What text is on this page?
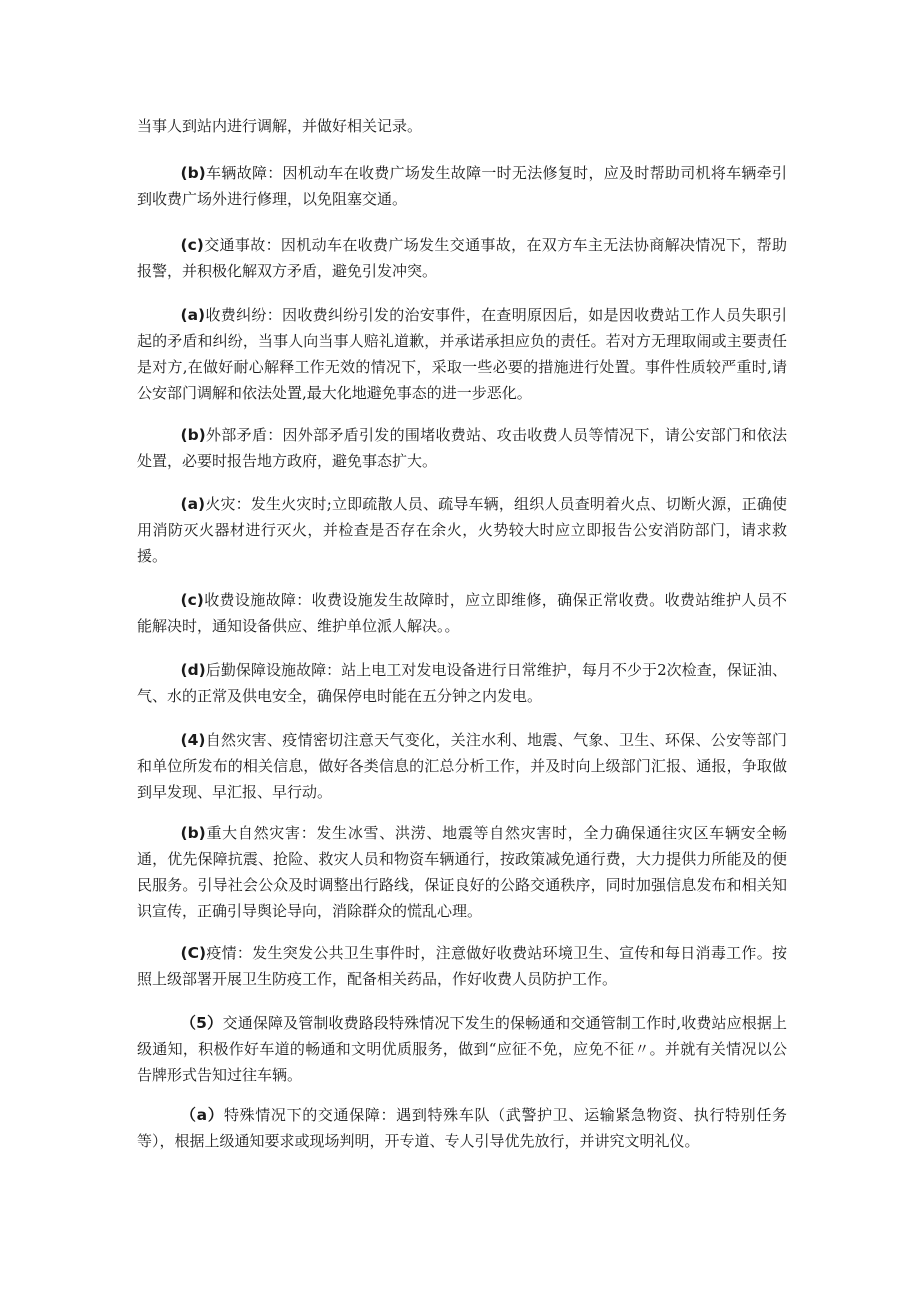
当事人到站内进行调解，并做好相关记录。

(b)车辆故障：因机动车在收费广场发生故障一时无法修复时，应及时帮助司机将车辆牵引到收费广场外进行修理，以免阻塞交通。

(c)交通事故：因机动车在收费广场发生交通事故，在双方车主无法协商解决情况下，帮助报警，并积极化解双方矛盾，避免引发冲突。

(a)收费纠纷：因收费纠纷引发的治安事件，在查明原因后，如是因收费站工作人员失职引起的矛盾和纠纷，当事人向当事人赔礼道歉，并承诺承担应负的责任。若对方无理取闹或主要责任是对方,在做好耐心解释工作无效的情况下，采取一些必要的措施进行处置。事件性质较严重时,请公安部门调解和依法处置,最大化地避免事态的进一步恶化。

(b)外部矛盾：因外部矛盾引发的围堵收费站、攻击收费人员等情况下，请公安部门和依法处置，必要时报告地方政府，避免事态扩大。

(a)火灾：发生火灾时;立即疏散人员、疏导车辆，组织人员查明着火点、切断火源，正确使用消防灭火器材进行灭火，并检查是否存在余火，火势较大时应立即报告公安消防部门，请求救援。

(c)收费设施故障：收费设施发生故障时，应立即维修，确保正常收费。收费站维护人员不能解决时，通知设备供应、维护单位派人解决。。

(d)后勤保障设施故障：站上电工对发电设备进行日常维护，每月不少于2次检查，保证油、气、水的正常及供电安全，确保停电时能在五分钟之内发电。

(4)自然灾害、疫情密切注意天气变化，关注水利、地震、气象、卫生、环保、公安等部门和单位所发布的相关信息，做好各类信息的汇总分析工作，并及时向上级部门汇报、通报，争取做到早发现、早汇报、早行动。

(b)重大自然灾害：发生冰雪、洪涝、地震等自然灾害时，全力确保通往灾区车辆安全畅通，优先保障抗震、抢险、救灾人员和物资车辆通行，按政策减免通行费，大力提供力所能及的便民服务。引导社会公众及时调整出行路线，保证良好的公路交通秩序，同时加强信息发布和相关知识宣传，正确引导舆论导向，消除群众的慌乱心理。

(C)疫情：发生突发公共卫生事件时，注意做好收费站环境卫生、宣传和每日消毒工作。按照上级部署开展卫生防疫工作，配备相关药品，作好收费人员防护工作。

（5）交通保障及管制收费路段特殊情况下发生的保畅通和交通管制工作时,收费站应根据上级通知，积极作好车道的畅通和文明优质服务，做到“应征不免，应免不征〃。并就有关情况以公告牌形式告知过往车辆。

（a）特殊情况下的交通保障：遇到特殊车队（武警护卫、运输紧急物资、执行特别任务等），根据上级通知要求或现场判明，开专道、专人引导优先放行，并讲究文明礼仪。
